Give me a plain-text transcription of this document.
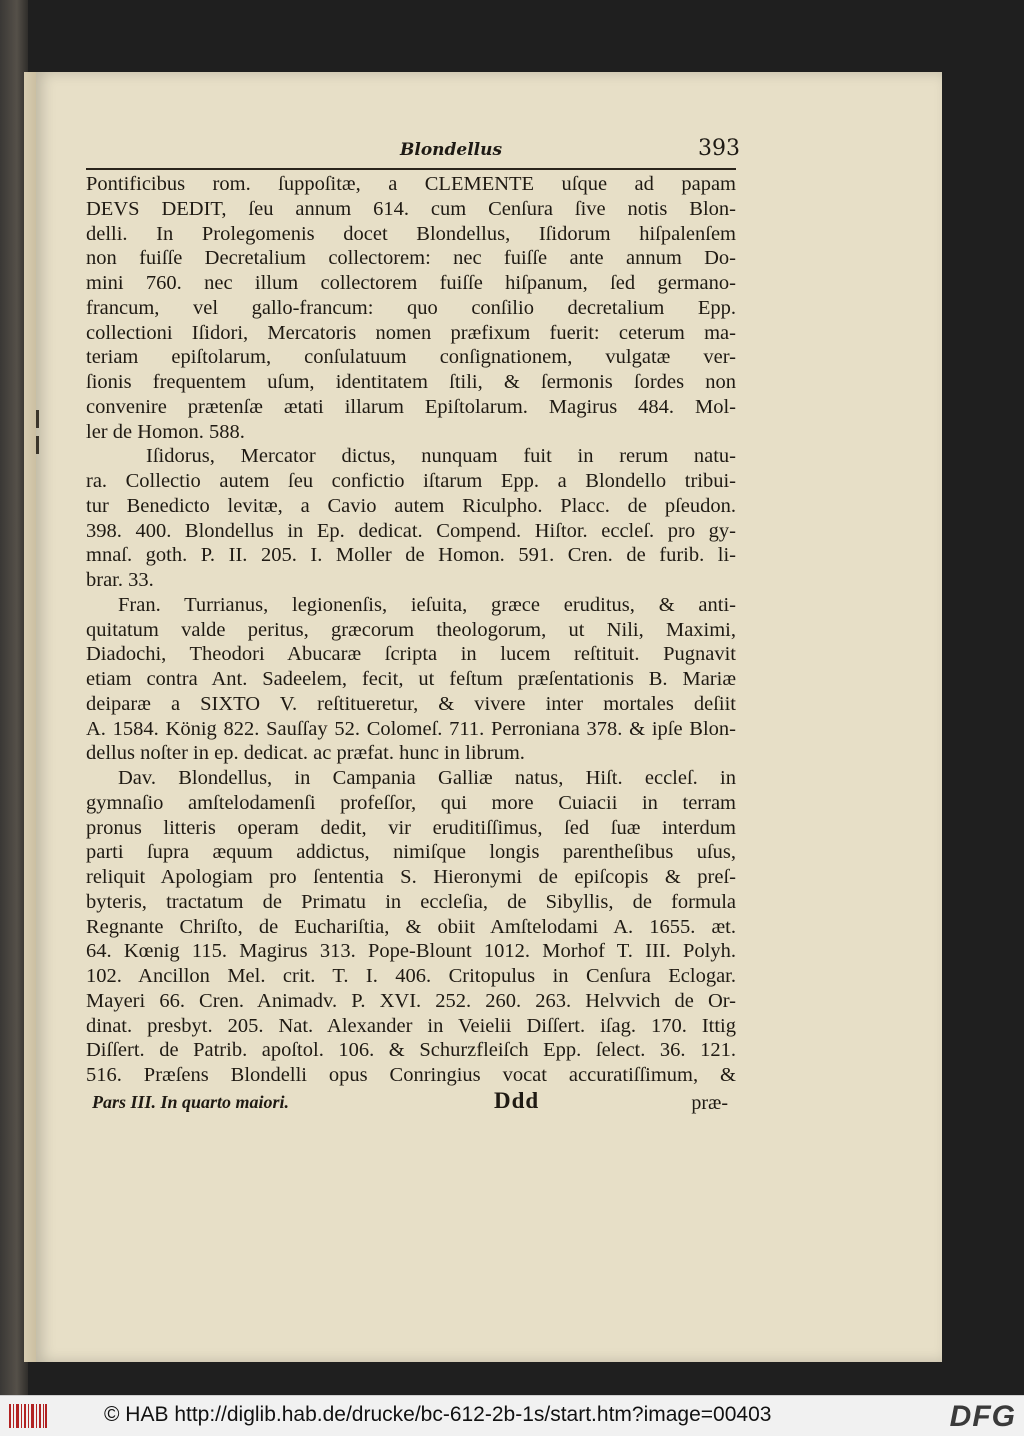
Blondellus	393
Pontificibus rom. ſuppoſitæ, a CLEMENTE uſque ad papam
DEVS DEDIT, ſeu annum 614. cum Cenſura ſive notis Blon-
delli. In Prolegomenis docet Blondellus, Iſidorum hiſpalenſem
non fuiſſe Decretalium collectorem: nec fuiſſe ante annum Do-
mini 760. nec illum collectorem fuiſſe hiſpanum, ſed germano-
francum, vel gallo-francum: quo conſilio decretalium Epp.
collectioni Iſidori, Mercatoris nomen præfixum fuerit: ceterum ma-
teriam epiſtolarum, conſulatuum conſignationem, vulgatæ ver-
ſionis frequentem uſum, identitatem ſtili, & ſermonis ſordes non
convenire prætenſæ ætati illarum Epiſtolarum. Magirus 484. Mol-
ler de Homon. 588.
Iſidorus, Mercator dictus, nunquam fuit in rerum natu-
ra. Collectio autem ſeu confictio iſtarum Epp. a Blondello tribui-
tur Benedicto levitæ, a Cavio autem Riculpho. Placc. de pſeudon.
398. 400. Blondellus in Ep. dedicat. Compend. Hiſtor. eccleſ. pro gy-
mnaſ. goth. P. II. 205. I. Moller de Homon. 591. Cren. de furib. li-
brar. 33.
Fran. Turrianus, legionenſis, ieſuita, græce eruditus, & anti-
quitatum valde peritus, græcorum theologorum, ut Nili, Maximi,
Diadochi, Theodori Abucaræ ſcripta in lucem reſtituit. Pugnavit
etiam contra Ant. Sadeelem, fecit, ut feſtum præſentationis B. Mariæ
deiparæ a SIXTO V. reſtitueretur, & vivere inter mortales deſiit
A. 1584. König 822. Sauſſay 52. Colomeſ. 711. Perroniana 378. & ipſe Blon-
dellus noſter in ep. dedicat. ac præfat. hunc in librum.
Dav. Blondellus, in Campania Galliæ natus, Hiſt. eccleſ. in
gymnaſio amſtelodamenſi profeſſor, qui more Cuiacii in terram
pronus litteris operam dedit, vir eruditiſſimus, ſed ſuæ interdum
parti ſupra æquum addictus, nimiſque longis parentheſibus uſus,
reliquit Apologiam pro ſententia S. Hieronymi de epiſcopis & preſ-
byteris, tractatum de Primatu in eccleſia, de Sibyllis, de formula
Regnante Chriſto, de Euchariſtia, & obiit Amſtelodami A. 1655. æt.
64. Kœnig 115. Magirus 313. Pope-Blount 1012. Morhof T. III. Polyh.
102. Ancillon Mel. crit. T. I. 406. Critopulus in Cenſura Eclogar.
Mayeri 66. Cren. Animadv. P. XVI. 252. 260. 263. Helvvich de Or-
dinat. presbyt. 205. Nat. Alexander in Veielii Diſſert. iſag. 170. Ittig
Diſſert. de Patrib. apoſtol. 106. & Schurzfleiſch Epp. ſelect. 36. 121.
516. Præſens Blondelli opus Conringius vocat accuratiſſimum, &
Pars III. In quarto maiori.	Ddd	præ-
© HAB http://diglib.hab.de/drucke/bc-612-2b-1s/start.htm?image=00403	DFG
